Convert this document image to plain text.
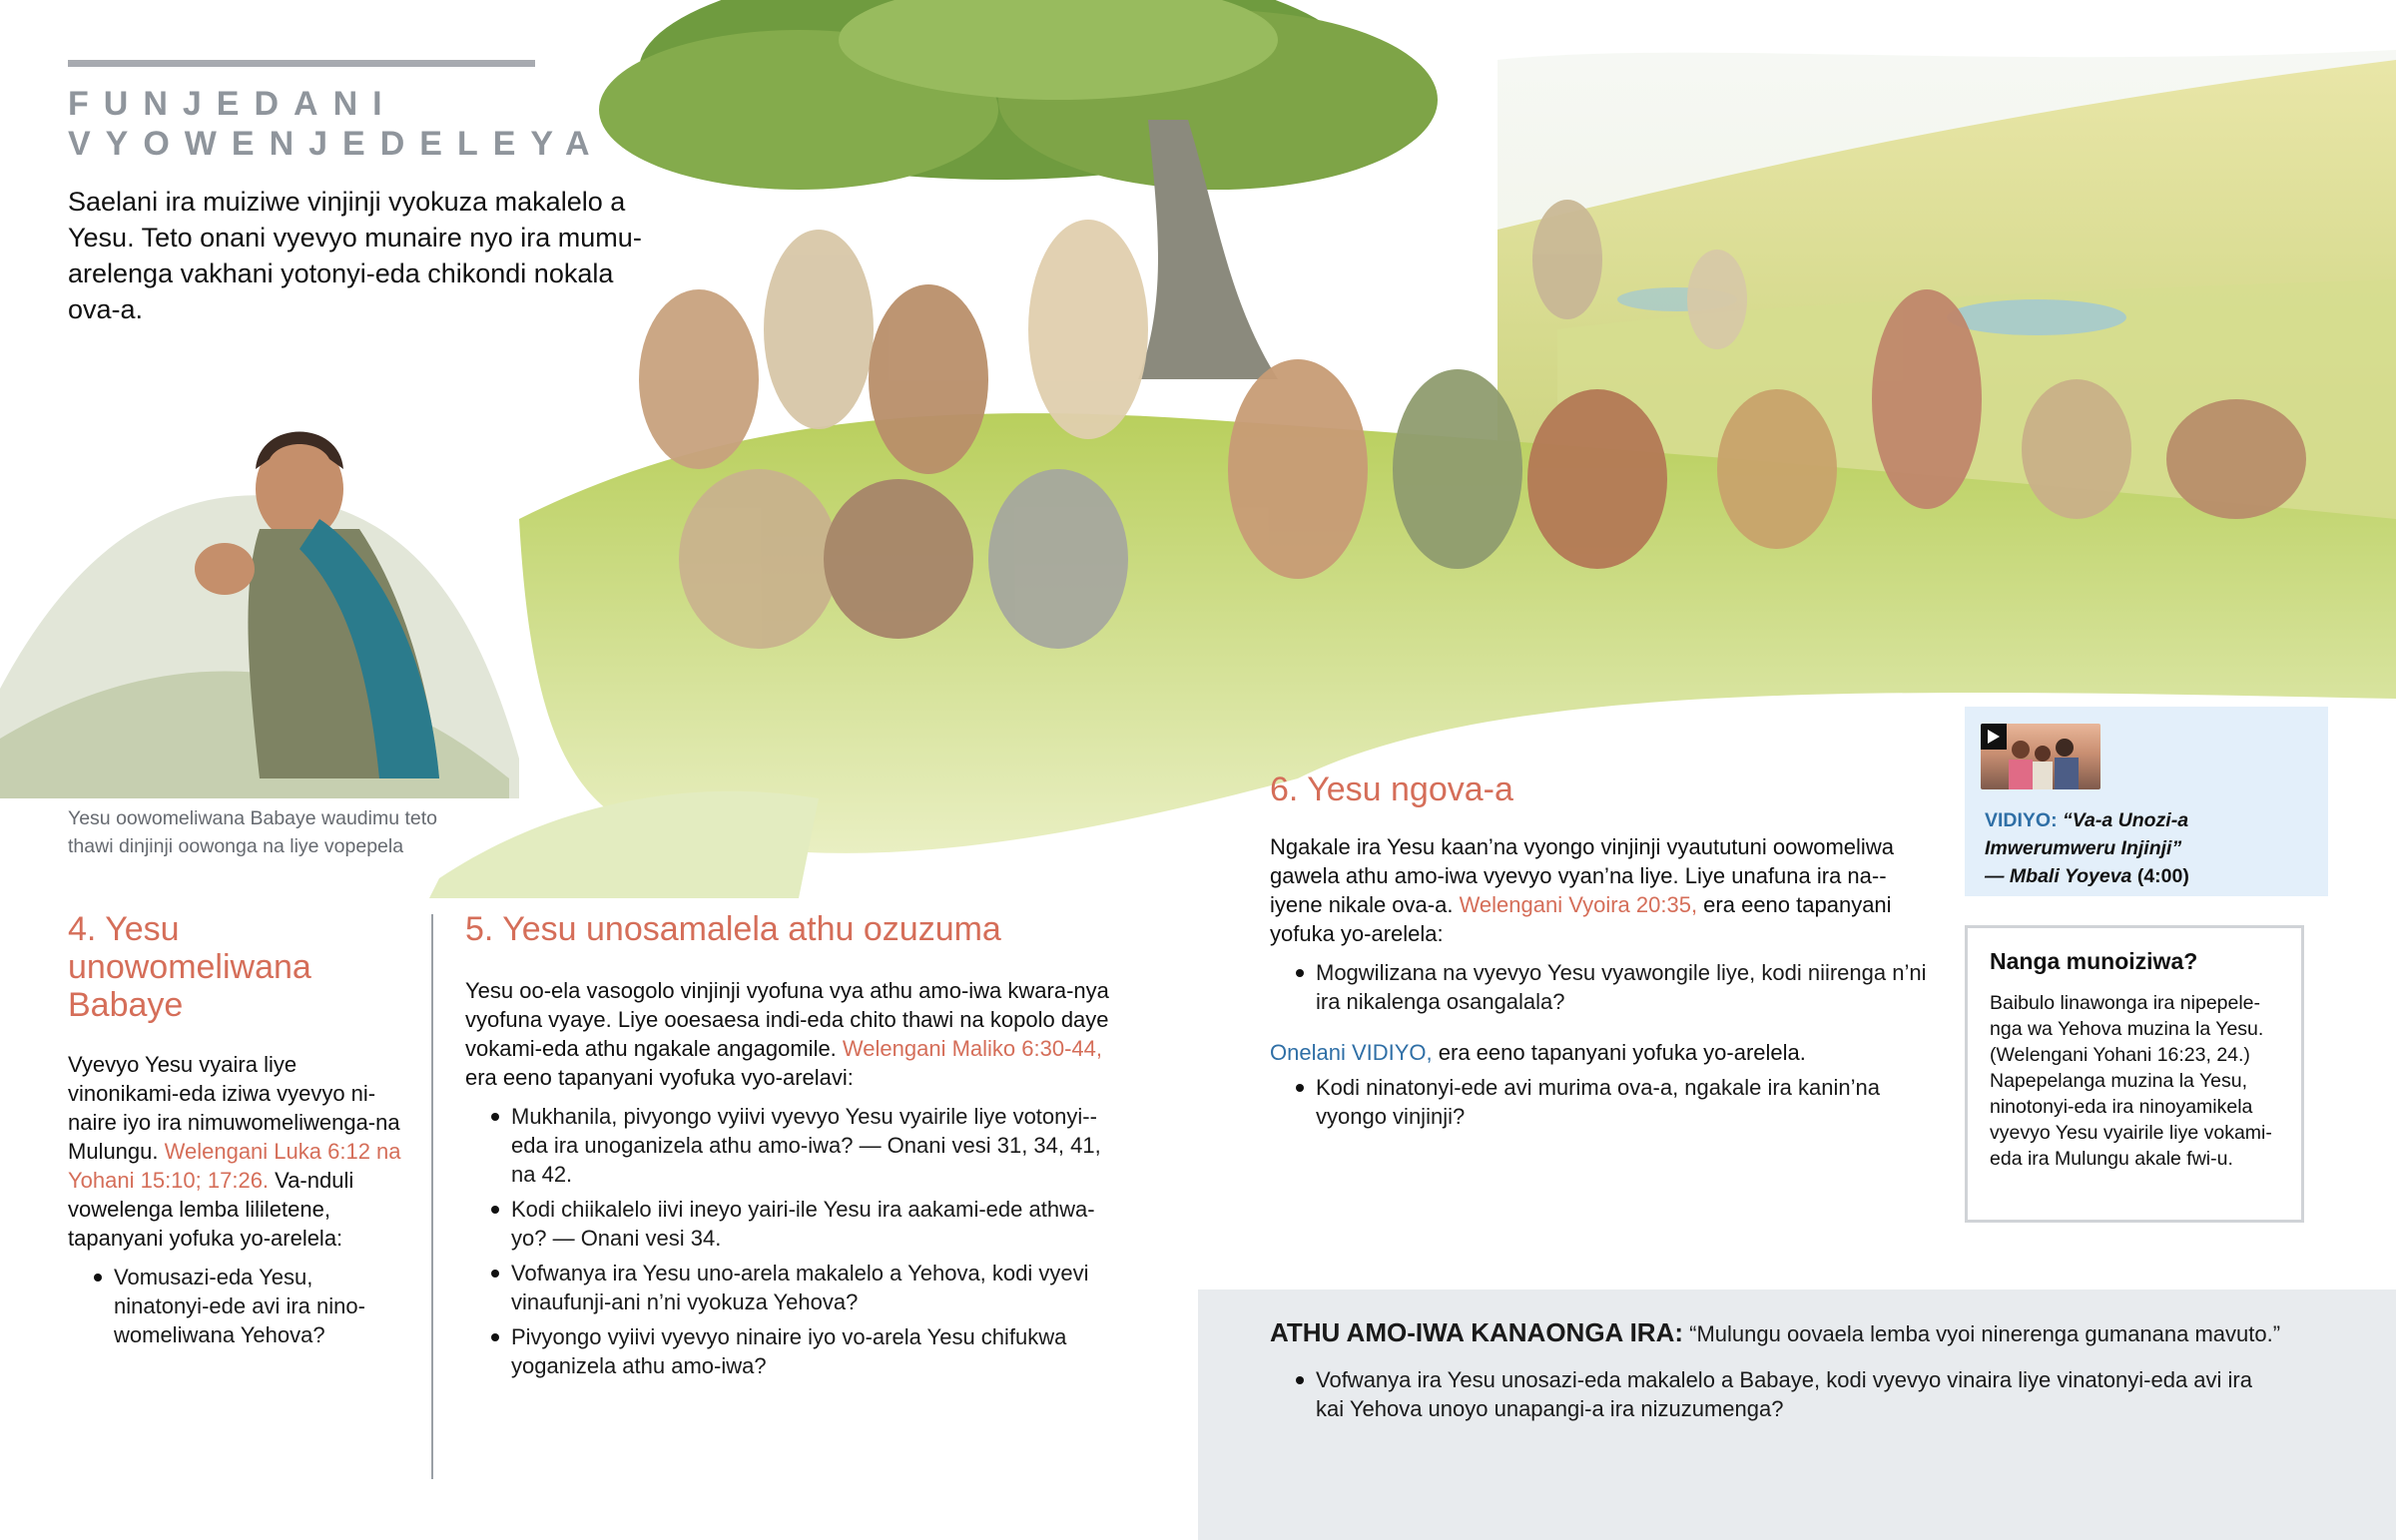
FUNJEDANI
VYOWENJEDELEYA
Saelani ira muiziwe vinjinji vyokuza makalelo a Yesu. Teto onani vyevyo munaire nyo ira mumu-arelenga vakhani yotonyi-eda chikondi nokala ova-a.
Yesu oowomeliwana Babaye waudimu teto thawi dinjinji oowonga na liye vopepela
4. Yesu unowomeliwana Babaye
Vyevyo Yesu vyaira liye vinonikami-eda iziwa vyevyo ni-naire iyo ira nimuwomeliwenga-na Mulungu. Welengani Luka 6:12 na Yohani 15:10; 17:26. Va-nduli vowelenga lemba lililetene, tapanyani yofuka yo-arelela:
Vomusazi-eda Yesu, ninatonyi-ede avi ira nino-womeliwana Yehova?
5. Yesu unosamalela athu ozuzuma
Yesu oo-ela vasogolo vinjinji vyofuna vya athu amo-iwa kwara-nya vyofuna vyaye. Liye ooesaesa indi-eda chito thawi na kopolo daye vokami-eda athu ngakale angagomile. Welengani Maliko 6:30-44, era eeno tapanyani vyofuka vyo-arelavi:
Mukhanila, pivyongo vyiivi vyevyo Yesu vyairile liye votonyi--eda ira unoganizela athu amo-iwa? — Onani vesi 31, 34, 41, na 42.
Kodi chiikalelo iivi ineyo yairi-ile Yesu ira aakami-ede athwa-yo? — Onani vesi 34.
Vofwanya ira Yesu uno-arela makalelo a Yehova, kodi vyevi vinaufunji-ani n’ni vyokuza Yehova?
Pivyongo vyiivi vyevyo ninaire iyo vo-arela Yesu chifukwa yoganizela athu amo-iwa?
6. Yesu ngova-a
Ngakale ira Yesu kaan’na vyongo vinjinji vyaututuni oowomeliwa gawela athu amo-iwa vyevyo vyan’na liye. Liye unafuna ira na--iyene nikale ova-a. Welengani Vyoira 20:35, era eeno tapanyani yofuka yo-arelela:
Mogwilizana na vyevyo Yesu vyawongile liye, kodi niirenga n’ni ira nikalenga osangalala?
Onelani VIDIYO, era eeno tapanyani yofuka yo-arelela.
Kodi ninatonyi-ede avi murima ova-a, ngakale ira kanin’na vyongo vinjinji?
VIDIYO: “Va-a Unozi-a Imwerumweru Injinji”
— Mbali Yoyeva (4:00)
Nanga munoiziwa?
Baibulo linawonga ira nipepele-nga wa Yehova muzina la Yesu. (Welengani Yohani 16:23, 24.) Napepelanga muzina la Yesu, ninotonyi-eda ira ninoyamikela vyevyo Yesu vyairile liye vokami-eda ira Mulungu akale fwi-u.
ATHU AMO-IWA KANAONGA IRA: “Mulungu oovaela lemba vyoi ninerenga gumanana mavuto.”
Vofwanya ira Yesu unosazi-eda makalelo a Babaye, kodi vyevyo vinaira liye vinatonyi-eda avi ira kai Yehova unoyo unapangi-a ira nizuzumenga?
